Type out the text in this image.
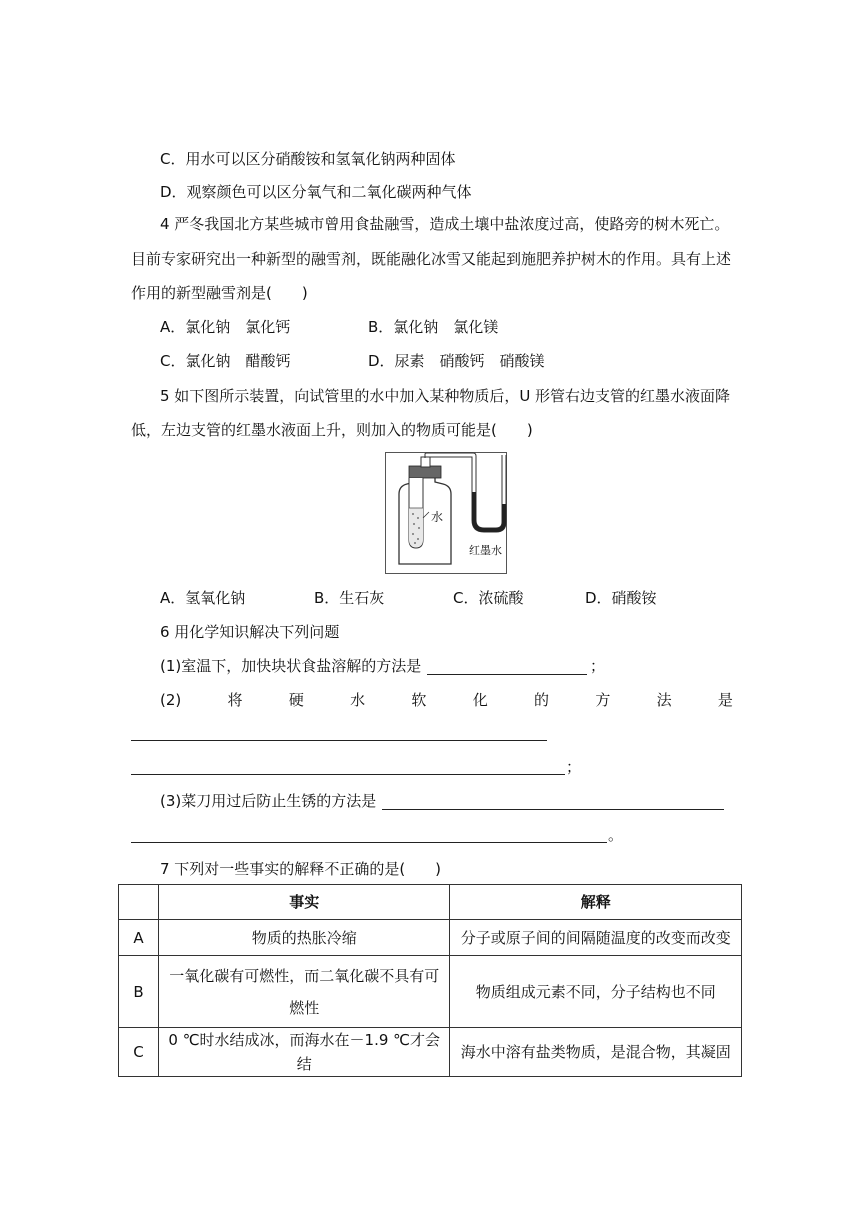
C．用水可以区分硝酸铵和氢氧化钠两种固体
D．观察颜色可以区分氧气和二氧化碳两种气体
4 严冬我国北方某些城市曾用食盐融雪，造成土壤中盐浓度过高，使路旁的树木死亡。
目前专家研究出一种新型的融雪剂，既能融化冰雪又能起到施肥养护树木的作用。具有上述
作用的新型融雪剂是(　　)
A．氯化钠　氯化钙	B．氯化钠　氯化镁
C．氯化钠　醋酸钙	D．尿素　硝酸钙　硝酸镁
5 如下图所示装置，向试管里的水中加入某种物质后，U 形管右边支管的红墨水液面降
低，左边支管的红墨水液面上升，则加入的物质可能是(　　)
水
红墨水
A．氢氧化钠	B．生石灰	C．浓硫酸	D．硝酸铵
6 用化学知识解决下列问题
(1)室温下，加快块状食盐溶解的方法是	；
(2)	将	硬	水	软	化	的	方	法	是
；
(3)菜刀用过后防止生锈的方法是
。
7 下列对一些事实的解释不正确的是(　　)
	事实	解释
A	物质的热胀冷缩	分子或原子间的间隔随温度的改变而改变

B	一氧化碳有可燃性，而二氧化碳不具有可
燃性	物质组成元素不同，分子结构也不同

C	0 ℃时水结成冰，而海水在－1.9 ℃才会结	海水中溶有盐类物质，是混合物，其凝固
